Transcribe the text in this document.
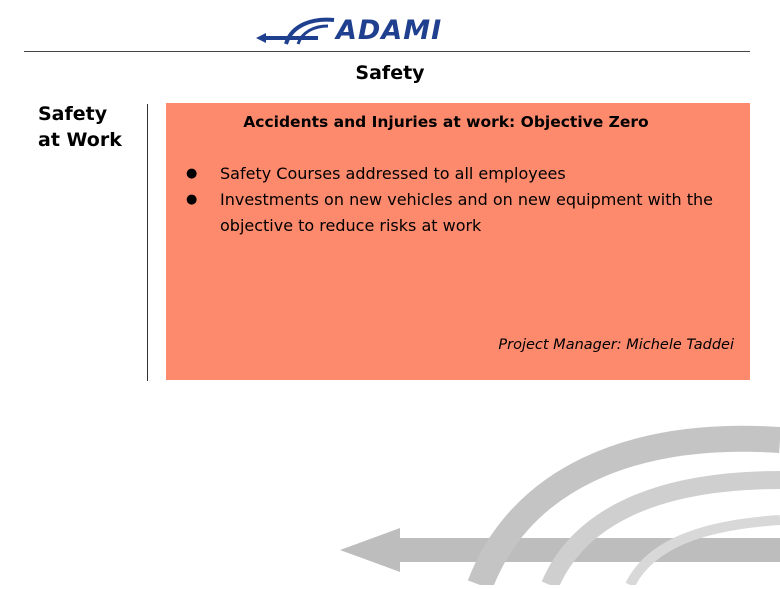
ADAMI
Safety
Safety
at Work
Accidents and Injuries at work: Objective Zero
● Safety Courses addressed to all employees
● Investments on new vehicles and on new equipment with the objective to reduce risks at work
Project Manager: Michele Taddei
